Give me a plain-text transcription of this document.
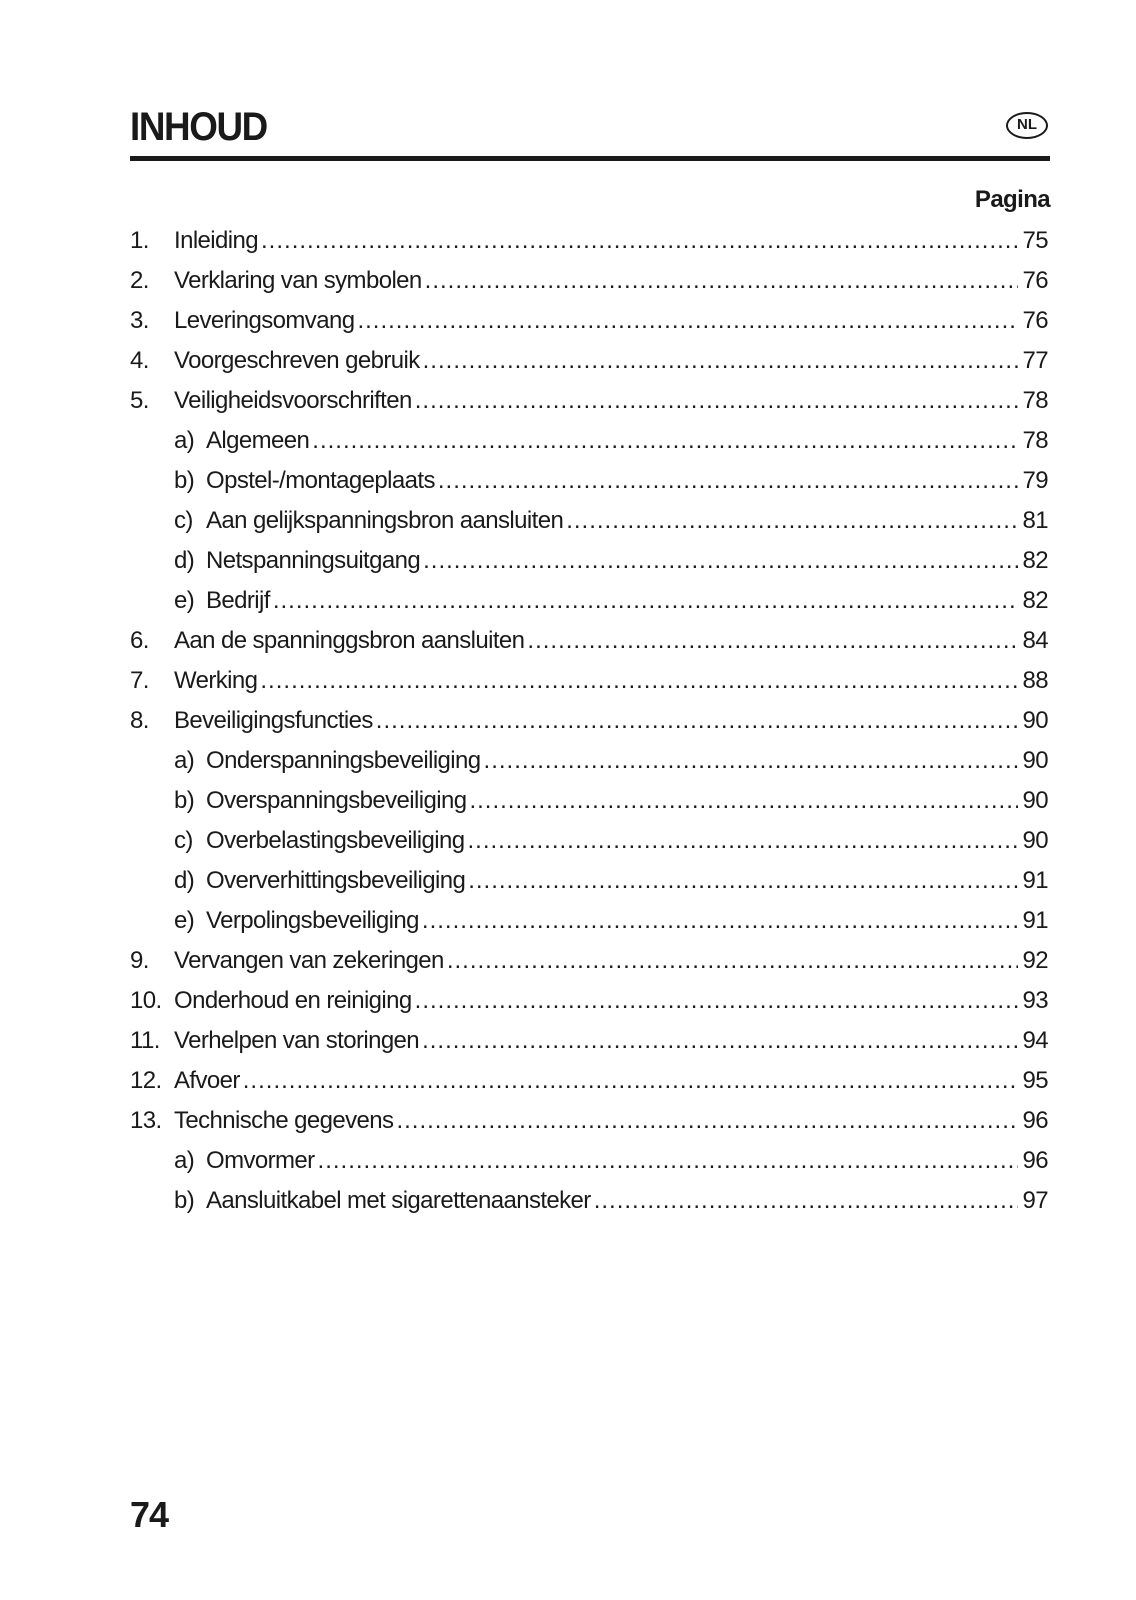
INHOUD	NL
Pagina
1. Inleiding .....	75
2. Verklaring van symbolen .....	76
3. Leveringsomvang .....	76
4. Voorgeschreven gebruik .....	77
5. Veiligheidsvoorschriften .....	78
a) Algemeen .....	78
b) Opstel-/montageplaats .....	79
c) Aan gelijkspanningsbron aansluiten .....	81
d) Netspanningsuitgang .....	82
e) Bedrijf .....	82
6. Aan de spanninggsbron aansluiten .....	84
7. Werking .....	88
8. Beveiligingsfuncties .....	90
a) Onderspanningsbeveiliging .....	90
b) Overspanningsbeveiliging .....	90
c) Overbelastingsbeveiliging .....	90
d) Oververhittingsbeveiliging .....	91
e) Verpolingsbeveiliging .....	91
9. Vervangen van zekeringen .....	92
10. Onderhoud en reiniging .....	93
11. Verhelpen van storingen .....	94
12. Afvoer .....	95
13. Technische gegevens .....	96
a) Omvormer .....	96
b) Aansluitkabel met sigarettenaansteker .....	97
74
